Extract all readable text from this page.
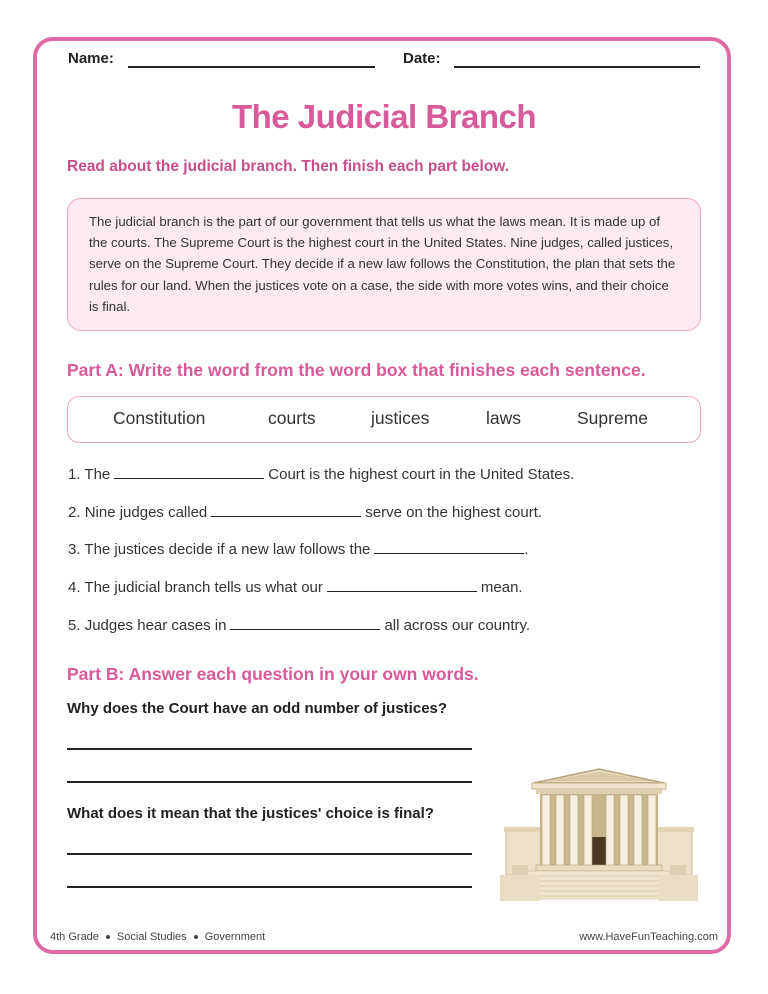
Name:	Date:
The Judicial Branch
Read about the judicial branch. Then finish each part below.
The judicial branch is the part of our government that tells us what the laws mean. It is made up of the courts. The Supreme Court is the highest court in the United States. Nine judges, called justices, serve on the Supreme Court. They decide if a new law follows the Constitution, the plan that sets the rules for our land. When the justices vote on a case, the side with more votes wins, and their choice is final.
Part A: Write the word from the word box that finishes each sentence.
Constitution	courts	justices	laws	Supreme
1. The	Court is the highest court in the United States.
2. Nine judges called	serve on the highest court.
3. The justices decide if a new law follows the	.
4. The judicial branch tells us what our	mean.
5. Judges hear cases in	all across our country.
Part B: Answer each question in your own words.
Why does the Court have an odd number of justices?
What does it mean that the justices' choice is final?
4th Grade Social Studies Government	www.HaveFunTeaching.com
